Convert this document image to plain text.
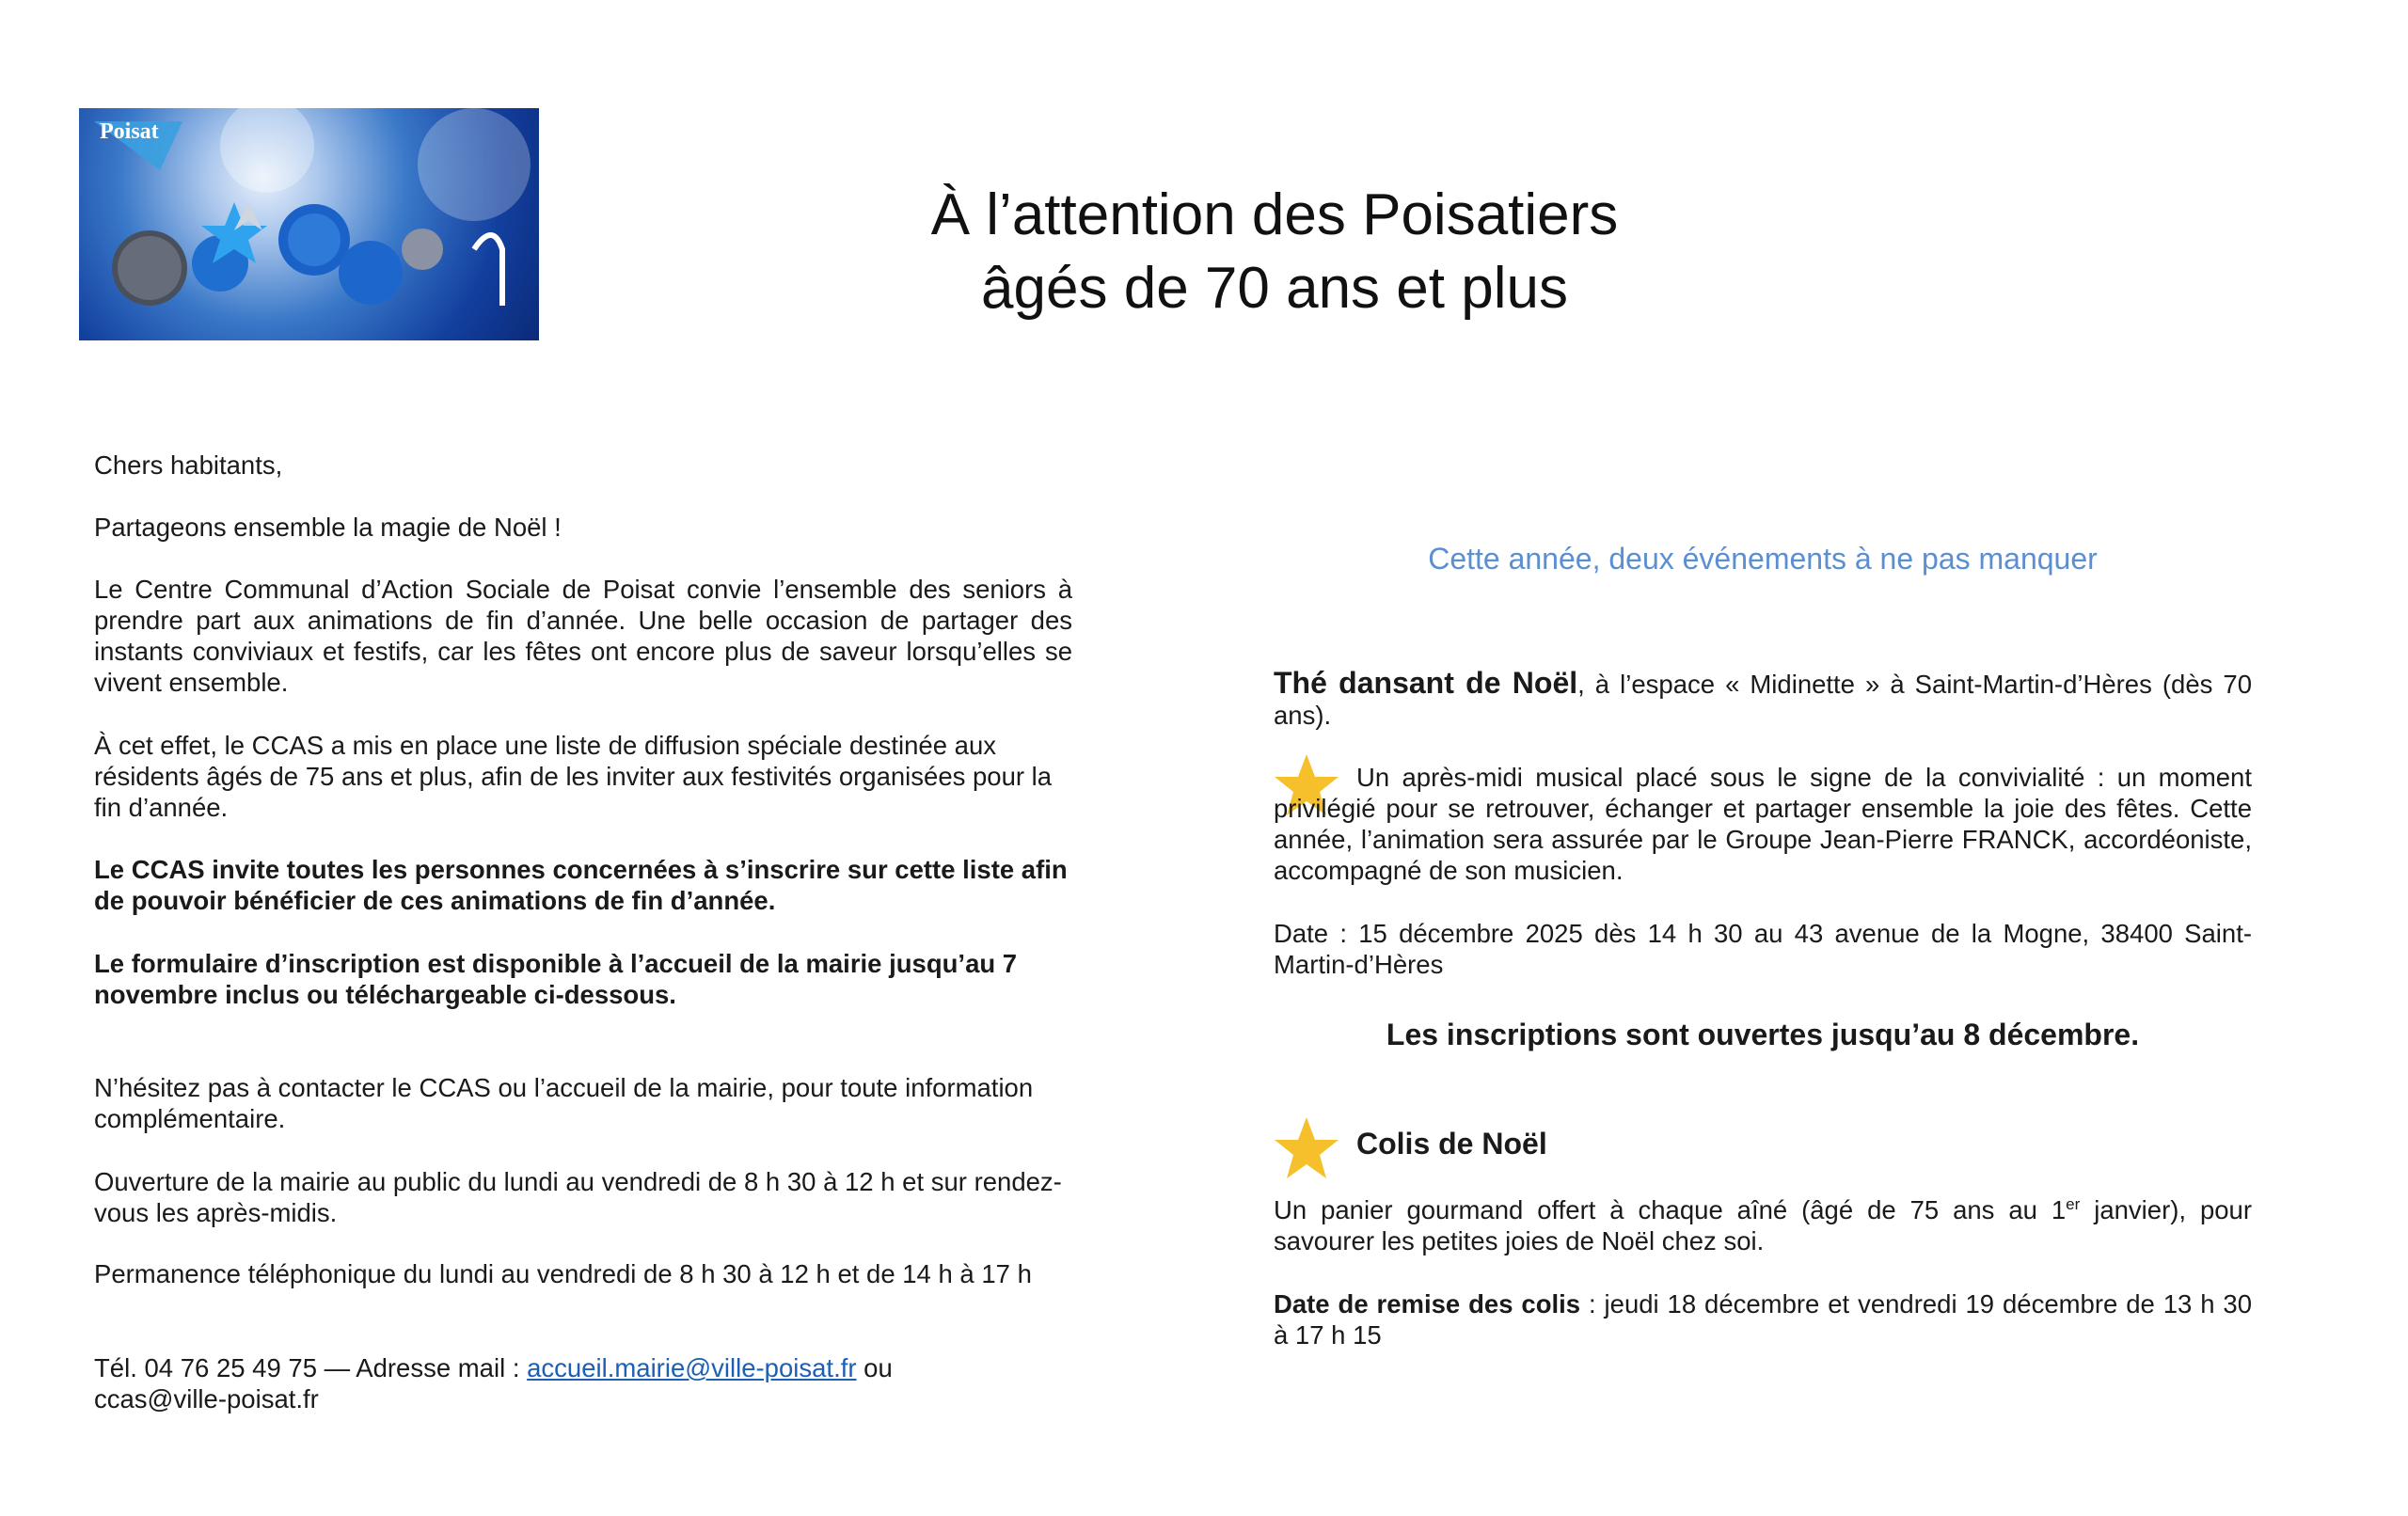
Poisat
À l’attention des Poisatiers
âgés de 70 ans et plus

Chers habitants,

Partageons ensemble la magie de Noël !

Le Centre Communal d’Action Sociale de Poisat convie l’ensemble des seniors à prendre part aux animations de fin d’année. Une belle occasion de partager des instants conviviaux et festifs, car les fêtes ont encore plus de saveur lorsqu’elles se vivent ensemble.

À cet effet, le CCAS a mis en place une liste de diffusion spéciale destinée aux résidents âgés de 75 ans et plus, afin de les inviter aux festivités organisées pour la fin d’année.

Le CCAS invite toutes les personnes concernées à s’inscrire sur cette liste afin de pouvoir bénéficier de ces animations de fin d’année.

Le formulaire d’inscription est disponible à l’accueil de la mairie jusqu’au 7 novembre inclus ou téléchargeable ci-dessous.

N’hésitez pas à contacter le CCAS ou l’accueil de la mairie, pour toute information complémentaire.

Ouverture de la mairie au public du lundi au vendredi de 8 h 30 à 12 h et sur rendez-vous les après-midis.

Permanence téléphonique du lundi au vendredi de 8 h 30 à 12 h et de 14 h à 17 h

Tél. 04 76 25 49 75 — Adresse mail : accueil.mairie@ville-poisat.fr ou
ccas@ville-poisat.fr

Cette année, deux événements à ne pas manquer

Thé dansant de Noël, à l’espace « Midinette » à Saint-Martin-d’Hères (dès 70 ans).

Un après-midi musical placé sous le signe de la convivialité : un moment privilégié pour se retrouver, échanger et partager ensemble la joie des fêtes. Cette année, l’animation sera assurée par le Groupe Jean-Pierre FRANCK, accordéoniste, accompagné de son musicien.

Date : 15 décembre 2025 dès 14 h 30 au 43 avenue de la Mogne, 38400 Saint-Martin-d’Hères

Les inscriptions sont ouvertes jusqu’au 8 décembre.

Colis de Noël

Un panier gourmand offert à chaque aîné (âgé de 75 ans au 1er janvier), pour savourer les petites joies de Noël chez soi.

Date de remise des colis : jeudi 18 décembre et vendredi 19 décembre de 13 h 30 à 17 h 15
